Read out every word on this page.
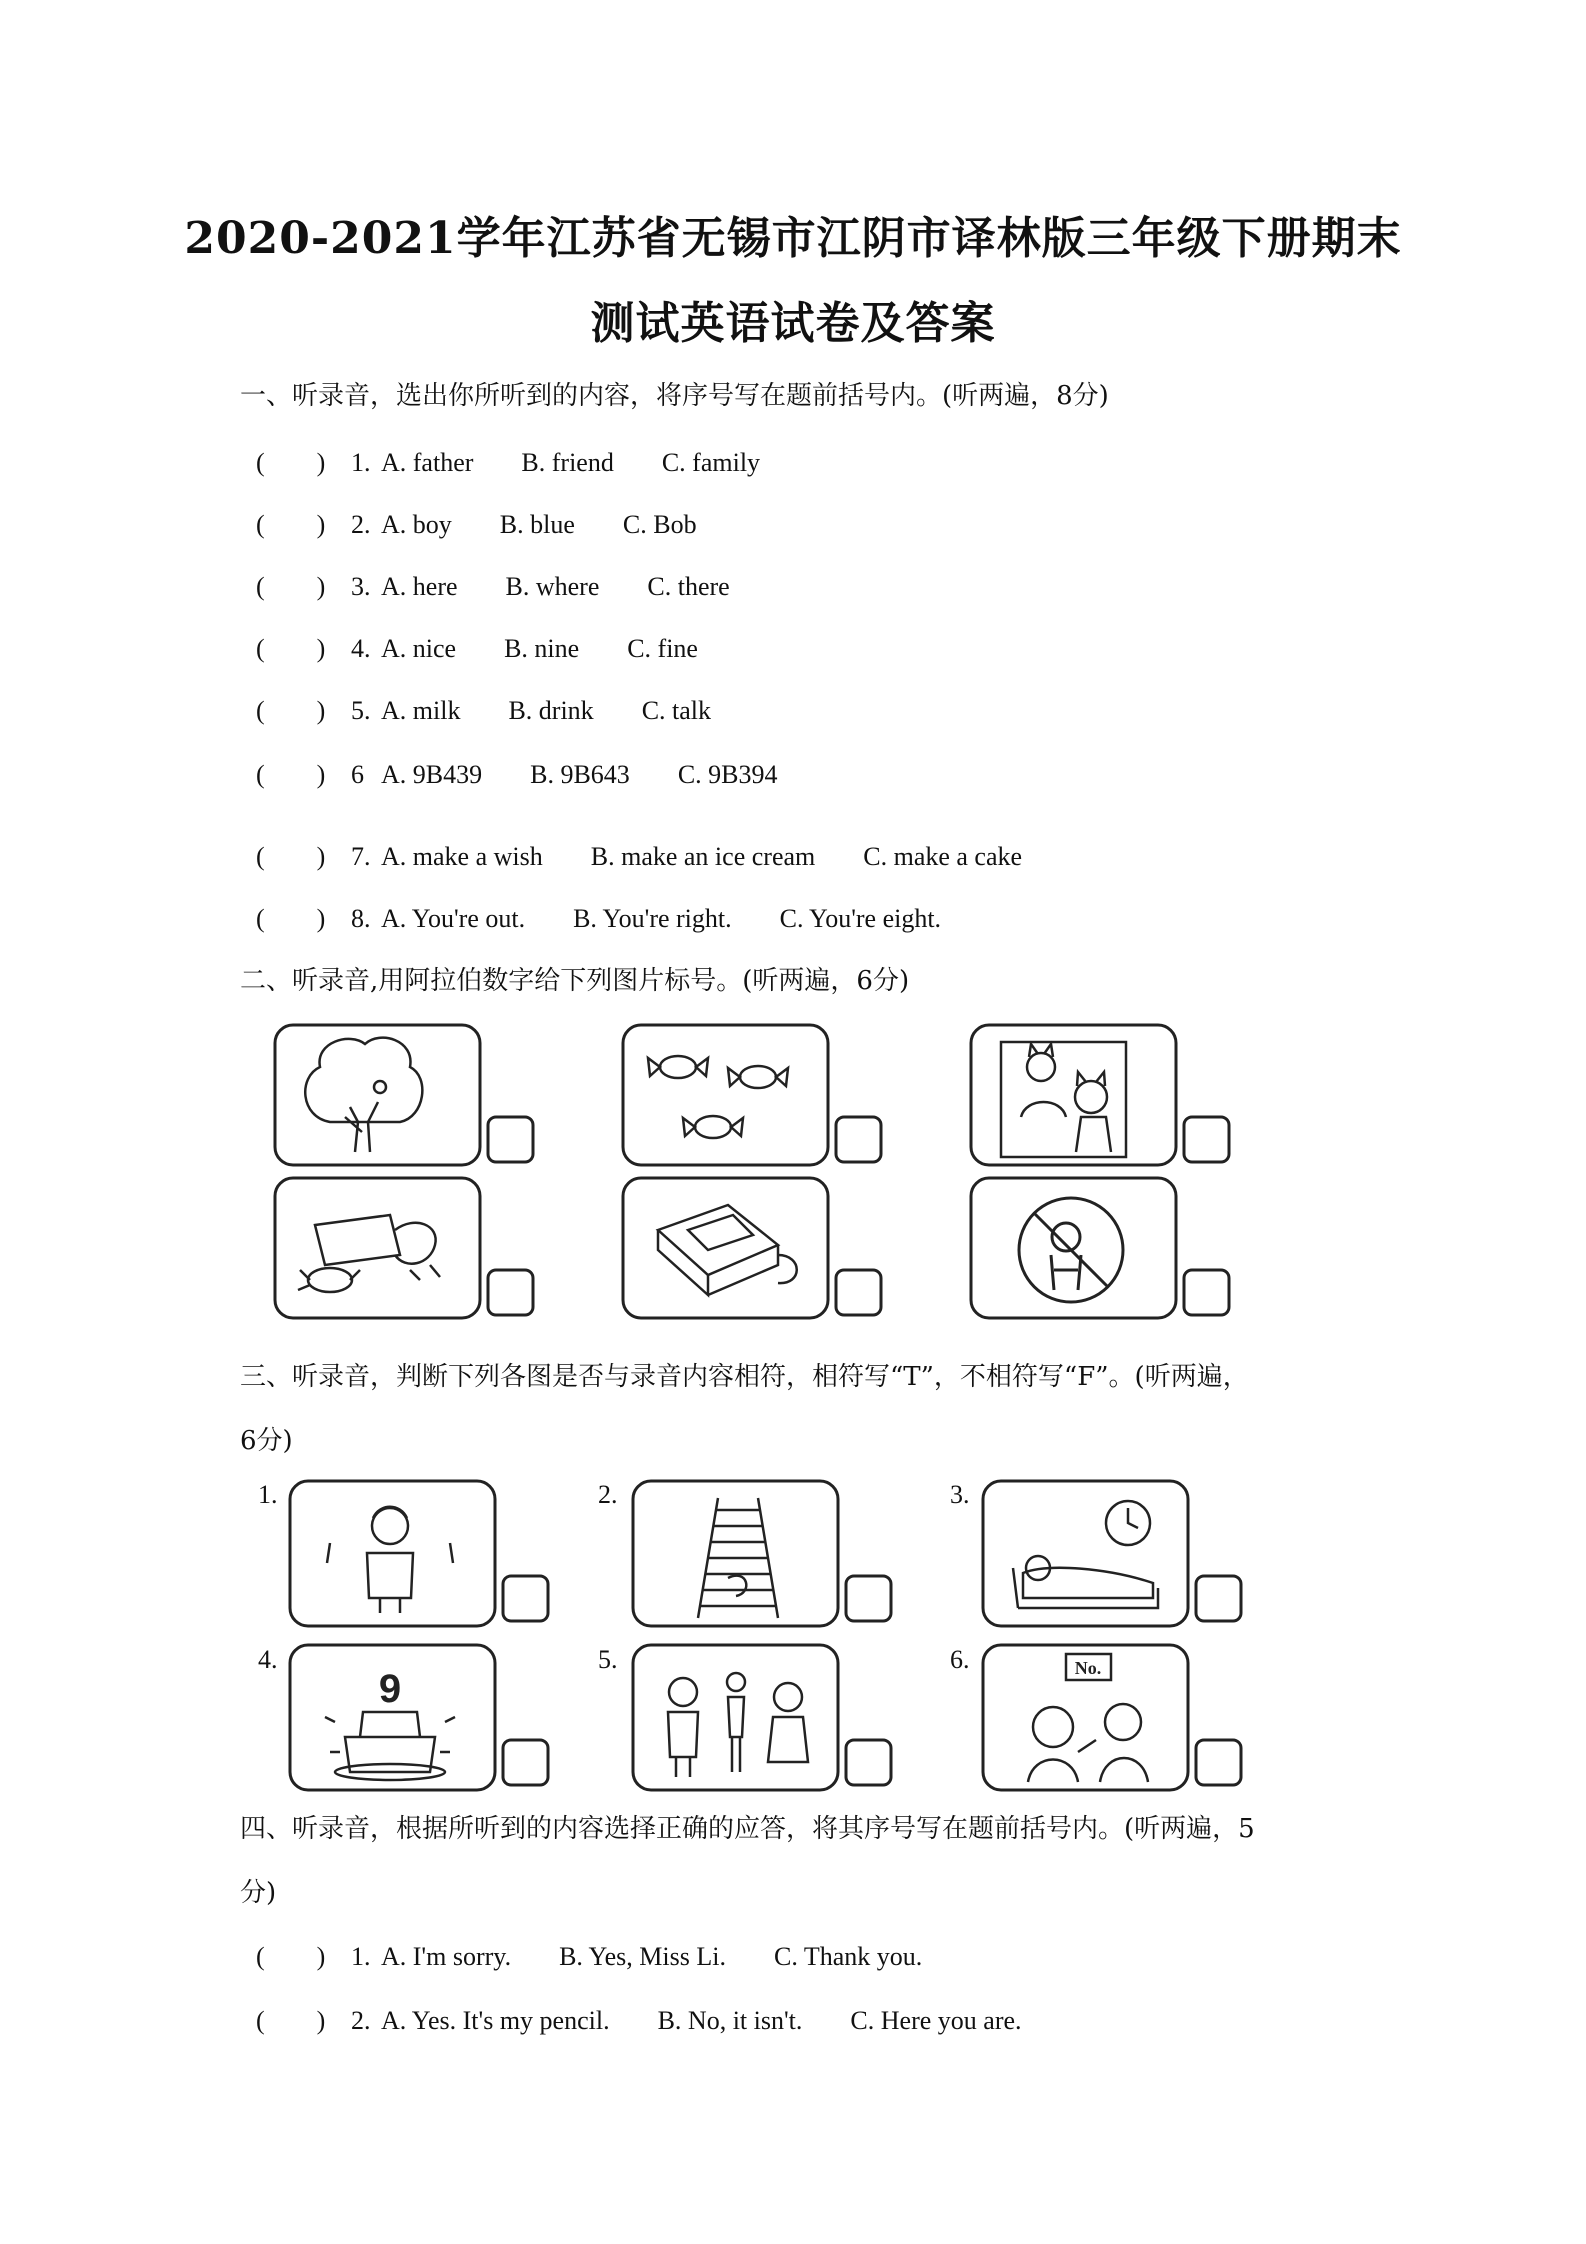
2020-2021学年江苏省无锡市江阴市译林版三年级下册期末
测试英语试卷及答案
一、听录音，选出你所听到的内容，将序号写在题前括号内。(听两遍，8分)
(　　) 1. A. father B. friend C. family
(　　) 2. A. boy B. blue C. Bob
(　　) 3. A. here B. where C. there
(　　) 4. A. nice B. nine C. fine
(　　) 5. A. milk B. drink C. talk
(　　) 6 A. 9B439 B. 9B643 C. 9B394
(　　) 7. A. make a wish B. make an ice cream C. make a cake
(　　) 8. A. You're out. B. You're right. C. You're eight.
二、听录音,用阿拉伯数字给下列图片标号。(听两遍，6分)
三、听录音，判断下列各图是否与录音内容相符，相符写“T”，不相符写“F”。(听两遍，
6分)
1.	2.	3.
4.
9
5.	6.	No.
四、听录音，根据所听到的内容选择正确的应答，将其序号写在题前括号内。(听两遍，5
分)
(　　) 1. A. I'm sorry. B. Yes, Miss Li. C. Thank you.
(　　) 2. A. Yes. It's my pencil. B. No, it isn't. C. Here you are.
